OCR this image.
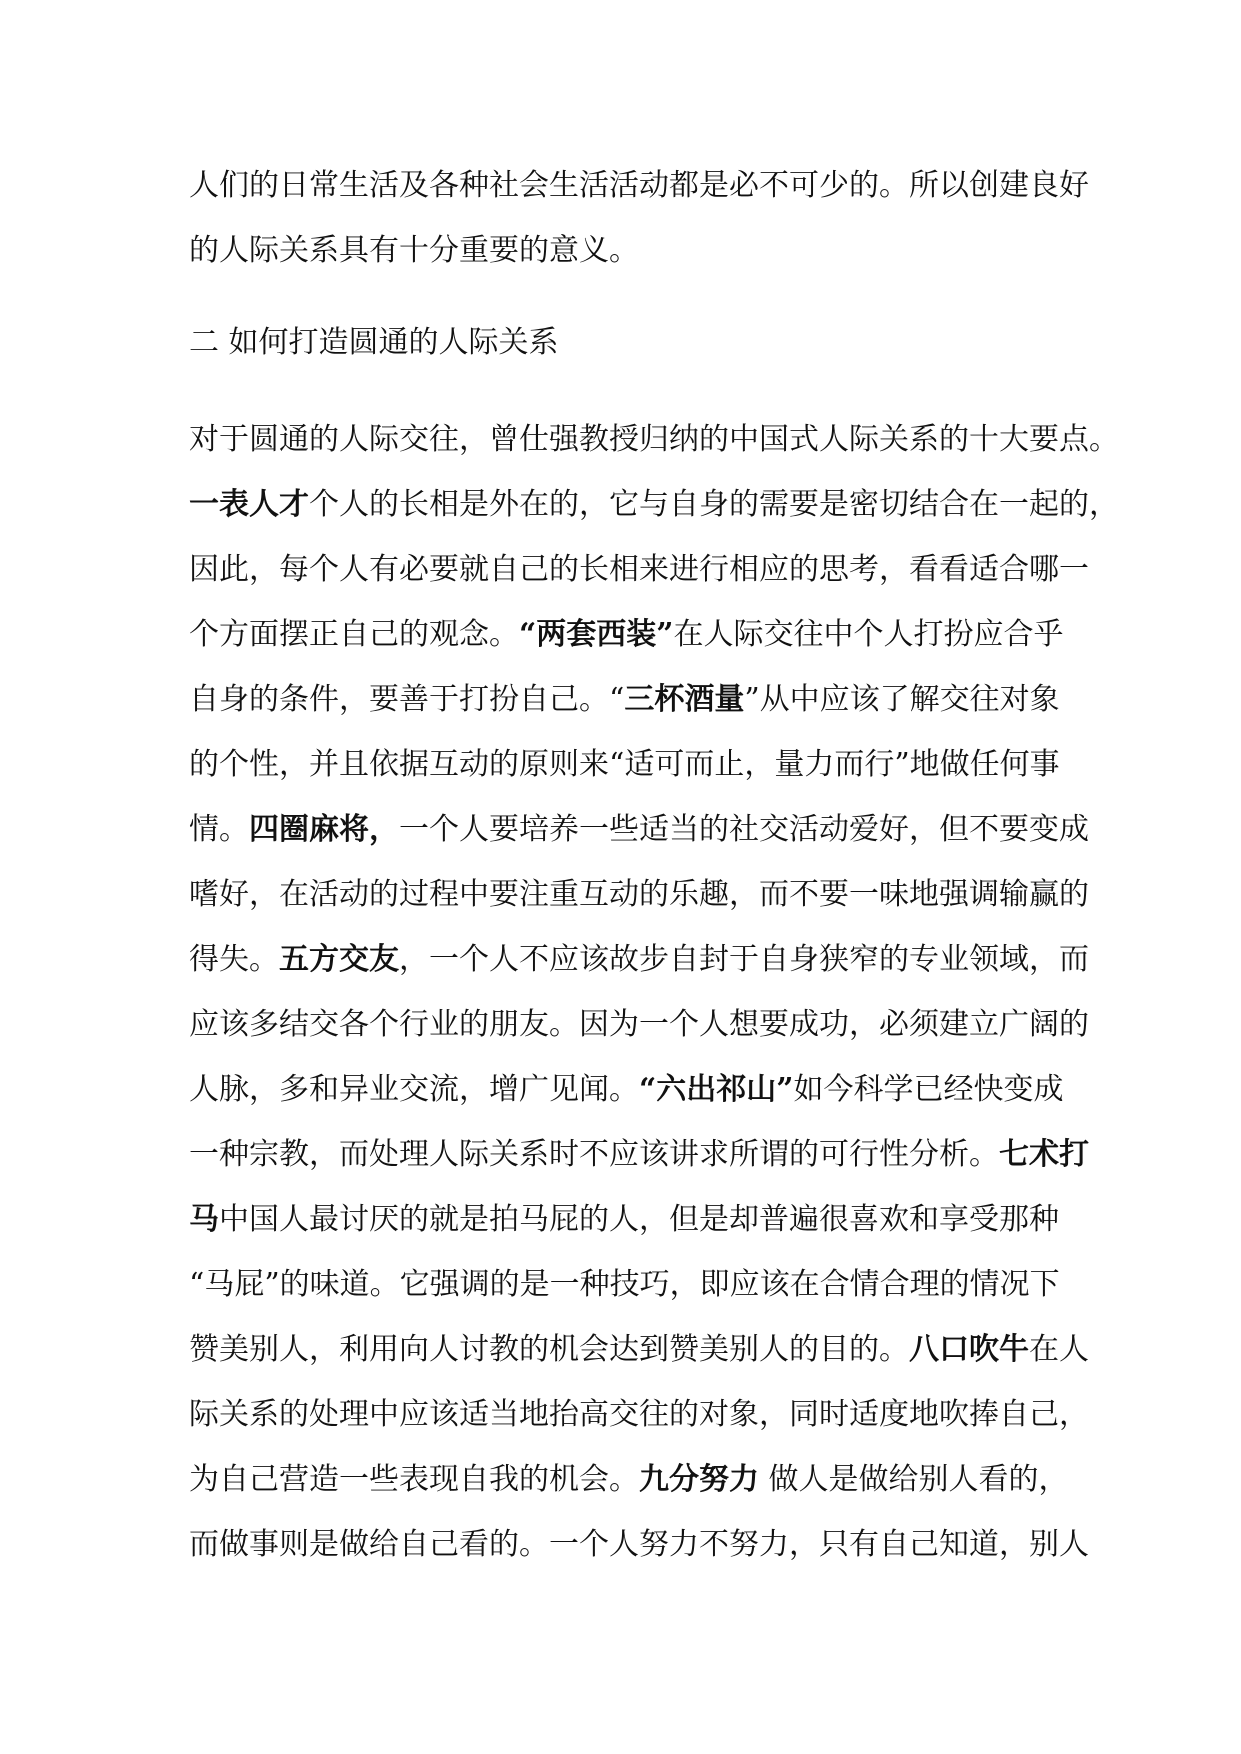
人们的日常生活及各种社会生活活动都是必不可少的。所以创建良好
的人际关系具有十分重要的意义。
二 如何打造圆通的人际关系
对于圆通的人际交往，曾仕强教授归纳的中国式人际关系的十大要点。
一表人才个人的长相是外在的，它与自身的需要是密切结合在一起的，
因此，每个人有必要就自己的长相来进行相应的思考，看看适合哪一
个方面摆正自己的观念。“两套西装”在人际交往中个人打扮应合乎
自身的条件，要善于打扮自己。“三杯酒量”从中应该了解交往对象
的个性，并且依据互动的原则来“适可而止，量力而行”地做任何事
情。四圈麻将，一个人要培养一些适当的社交活动爱好，但不要变成
嗜好，在活动的过程中要注重互动的乐趣，而不要一味地强调输赢的
得失。五方交友，一个人不应该故步自封于自身狭窄的专业领域，而
应该多结交各个行业的朋友。因为一个人想要成功，必须建立广阔的
人脉，多和异业交流，增广见闻。“六出祁山”如今科学已经快变成
一种宗教，而处理人际关系时不应该讲求所谓的可行性分析。七术打
马中国人最讨厌的就是拍马屁的人，但是却普遍很喜欢和享受那种
“马屁”的味道。它强调的是一种技巧，即应该在合情合理的情况下
赞美别人，利用向人讨教的机会达到赞美别人的目的。八口吹牛在人
际关系的处理中应该适当地抬高交往的对象，同时适度地吹捧自己，
为自己营造一些表现自我的机会。九分努力 做人是做给别人看的，
而做事则是做给自己看的。一个人努力不努力，只有自己知道，别人
